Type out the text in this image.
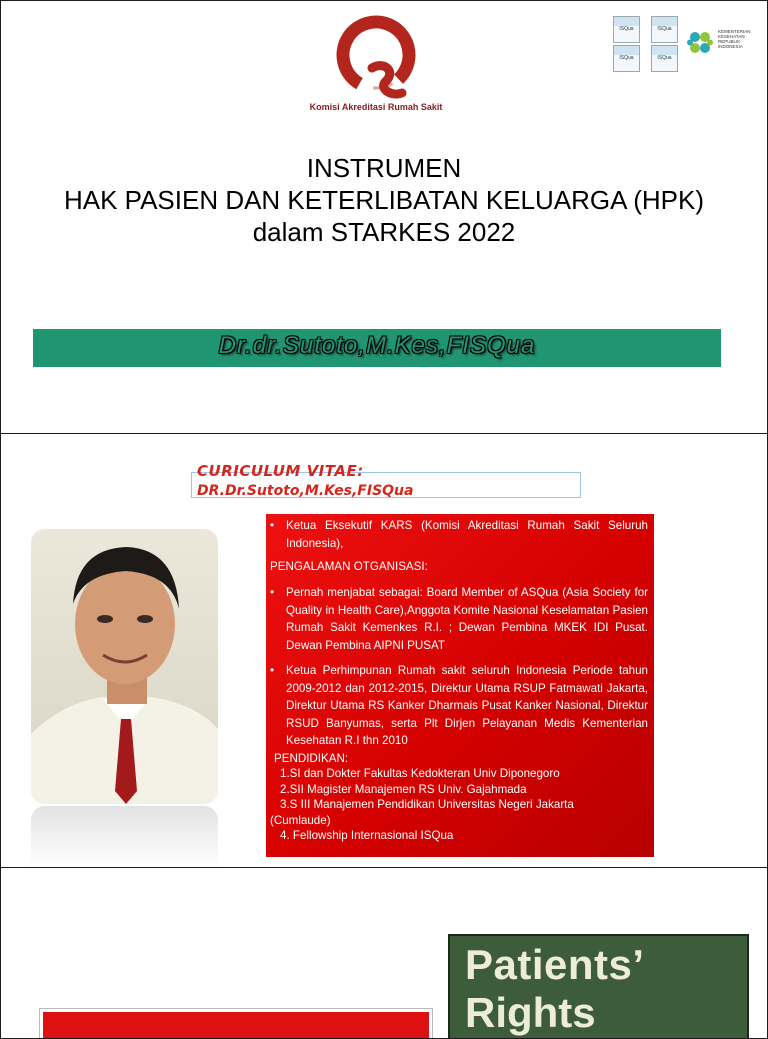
Komisi Akreditasi Rumah Sakit
ISQua	ISQua
ISQua	ISQua
KEMENTERIAN KESEHATAN REPUBLIK INDONESIA
INSTRUMEN
HAK PASIEN DAN KETERLIBATAN KELUARGA (HPK)
dalam STARKES 2022
Dr.dr.Sutoto,M.Kes,FISQua
CURICULUM VITAE:
DR.Dr.Sutoto,M.Kes,FISQua
• Ketua Eksekutif KARS (Komisi Akreditasi Rumah Sakit Seluruh Indonesia),
PENGALAMAN OTGANISASI:
• Pernah menjabat sebagai: Board Member of ASQua (Asia Society for Quality in Health Care),Anggota Komite Nasional Keselamatan Pasien Rumah Sakit Kemenkes R.I. ; Dewan Pembina MKEK IDI Pusat. Dewan Pembina AIPNI PUSAT
• Ketua Perhimpunan Rumah sakit seluruh Indonesia Periode tahun 2009-2012 dan 2012-2015, Direktur Utama RSUP Fatmawati Jakarta, Direktur Utama RS Kanker Dharmais Pusat Kanker Nasional, Direktur RSUD Banyumas, serta Plt Dirjen Pelayanan Medis Kementerian Kesehatan R.I thn 2010
PENDIDIKAN:
1.SI dan Dokter Fakultas Kedokteran Univ Diponegoro
2.SII Magister Manajemen RS Univ. Gajahmada
3.S III Manajemen Pendidikan Universitas Negeri Jakarta
(Cumlaude)
4. Fellowship Internasional ISQua
Patients’
Rights
